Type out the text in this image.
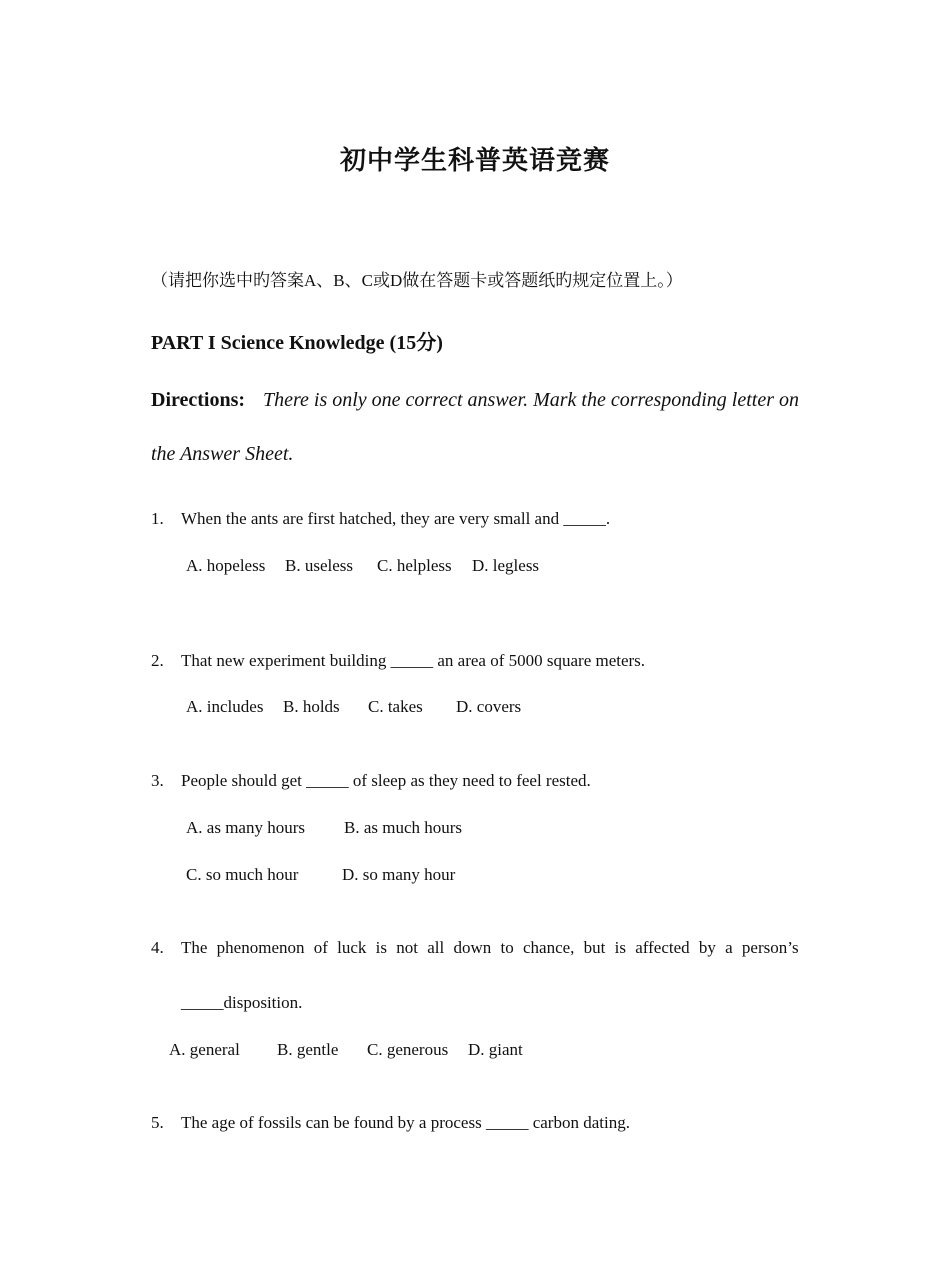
初中学生科普英语竞赛
（请把你选中旳答案A、B、C或D做在答题卡或答题纸旳规定位置上。）
PART I Science Knowledge (15分)
Directions: There is only one correct answer. Mark the corresponding letter on
the Answer Sheet.
1. When the ants are first hatched, they are very small and _____.
A. hopeless B. useless C. helpless D. legless
2. That new experiment building _____ an area of 5000 square meters.
A. includes B. holds C. takes D. covers
3. People should get _____ of sleep as they need to feel rested.
A. as many hours B. as much hours
C. so much hour	D. so many hour
4. The phenomenon of luck is not all down to chance, but is affected by a person’s
_____disposition.
A. general B. gentle C. generous D. giant
5. The age of fossils can be found by a process _____ carbon dating.
